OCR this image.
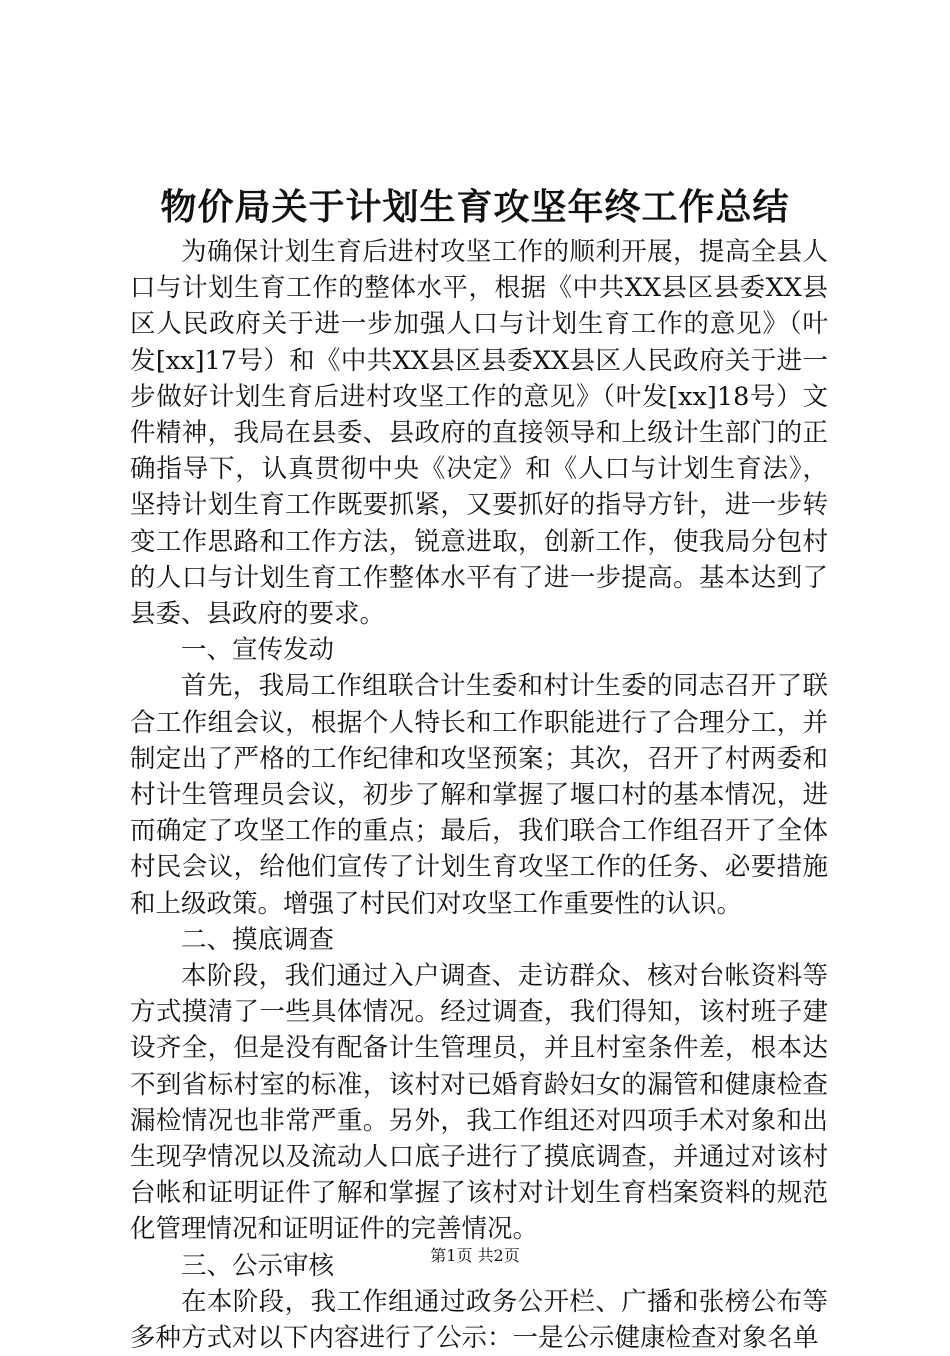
物价局关于计划生育攻坚年终工作总结

为确保计划生育后进村攻坚工作的顺利开展，提高全县人口与计划生育工作的整体水平，根据《中共XX县区县委XX县区人民政府关于进一步加强人口与计划生育工作的意见》（叶发[xx]17号）和《中共XX县区县委XX县区人民政府关于进一步做好计划生育后进村攻坚工作的意见》（叶发[xx]18号）文件精神，我局在县委、县政府的直接领导和上级计生部门的正确指导下，认真贯彻中央《决定》和《人口与计划生育法》，坚持计划生育工作既要抓紧，又要抓好的指导方针，进一步转变工作思路和工作方法，锐意进取，创新工作，使我局分包村的人口与计划生育工作整体水平有了进一步提高。基本达到了县委、县政府的要求。

一、宣传发动

首先，我局工作组联合计生委和村计生委的同志召开了联合工作组会议，根据个人特长和工作职能进行了合理分工，并制定出了严格的工作纪律和攻坚预案；其次，召开了村两委和村计生管理员会议，初步了解和掌握了堰口村的基本情况，进而确定了攻坚工作的重点；最后，我们联合工作组召开了全体村民会议，给他们宣传了计划生育攻坚工作的任务、必要措施和上级政策。增强了村民们对攻坚工作重要性的认识。

二、摸底调查

本阶段，我们通过入户调查、走访群众、核对台帐资料等方式摸清了一些具体情况。经过调查，我们得知，该村班子建设齐全，但是没有配备计生管理员，并且村室条件差，根本达不到省标村室的标准，该村对已婚育龄妇女的漏管和健康检查漏检情况也非常严重。另外，我工作组还对四项手术对象和出生现孕情况以及流动人口底子进行了摸底调查，并通过对该村台帐和证明证件了解和掌握了该村对计划生育档案资料的规范化管理情况和证明证件的完善情况。

三、公示审核

在本阶段，我工作组通过政务公开栏、广播和张榜公布等多种方式对以下内容进行了公示：一是公示健康检查对象名单

第1页 共2页
